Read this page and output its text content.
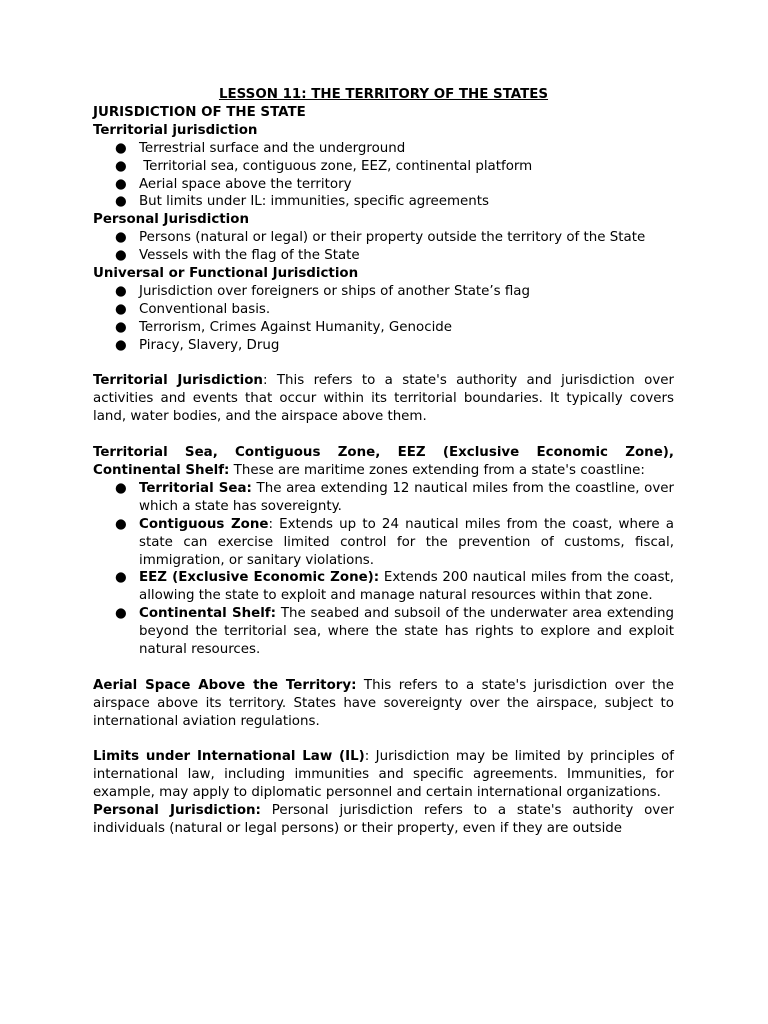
LESSON 11: THE TERRITORY OF THE STATES
JURISDICTION OF THE STATE
Territorial jurisdiction
● Terrestrial surface and the underground
● Territorial sea, contiguous zone, EEZ, continental platform
● Aerial space above the territory
● But limits under IL: immunities, specific agreements
Personal Jurisdiction
● Persons (natural or legal) or their property outside the territory of the State
● Vessels with the flag of the State
Universal or Functional Jurisdiction
● Jurisdiction over foreigners or ships of another State’s flag
● Conventional basis.
● Terrorism, Crimes Against Humanity, Genocide
● Piracy, Slavery, Drug

Territorial Jurisdiction: This refers to a state's authority and jurisdiction over activities and events that occur within its territorial boundaries. It typically covers land, water bodies, and the airspace above them.

Territorial Sea, Contiguous Zone, EEZ (Exclusive Economic Zone), Continental Shelf: These are maritime zones extending from a state's coastline:

● Territorial Sea: The area extending 12 nautical miles from the coastline, over which a state has sovereignty.
● Contiguous Zone: Extends up to 24 nautical miles from the coast, where a state can exercise limited control for the prevention of customs, fiscal, immigration, or sanitary violations.
● EEZ (Exclusive Economic Zone): Extends 200 nautical miles from the coast, allowing the state to exploit and manage natural resources within that zone.
● Continental Shelf: The seabed and subsoil of the underwater area extending beyond the territorial sea, where the state has rights to explore and exploit natural resources.

Aerial Space Above the Territory: This refers to a state's jurisdiction over the airspace above its territory. States have sovereignty over the airspace, subject to international aviation regulations.

Limits under International Law (IL): Jurisdiction may be limited by principles of international law, including immunities and specific agreements. Immunities, for example, may apply to diplomatic personnel and certain international organizations.

Personal Jurisdiction: Personal jurisdiction refers to a state's authority over individuals (natural or legal persons) or their property, even if they are outside
